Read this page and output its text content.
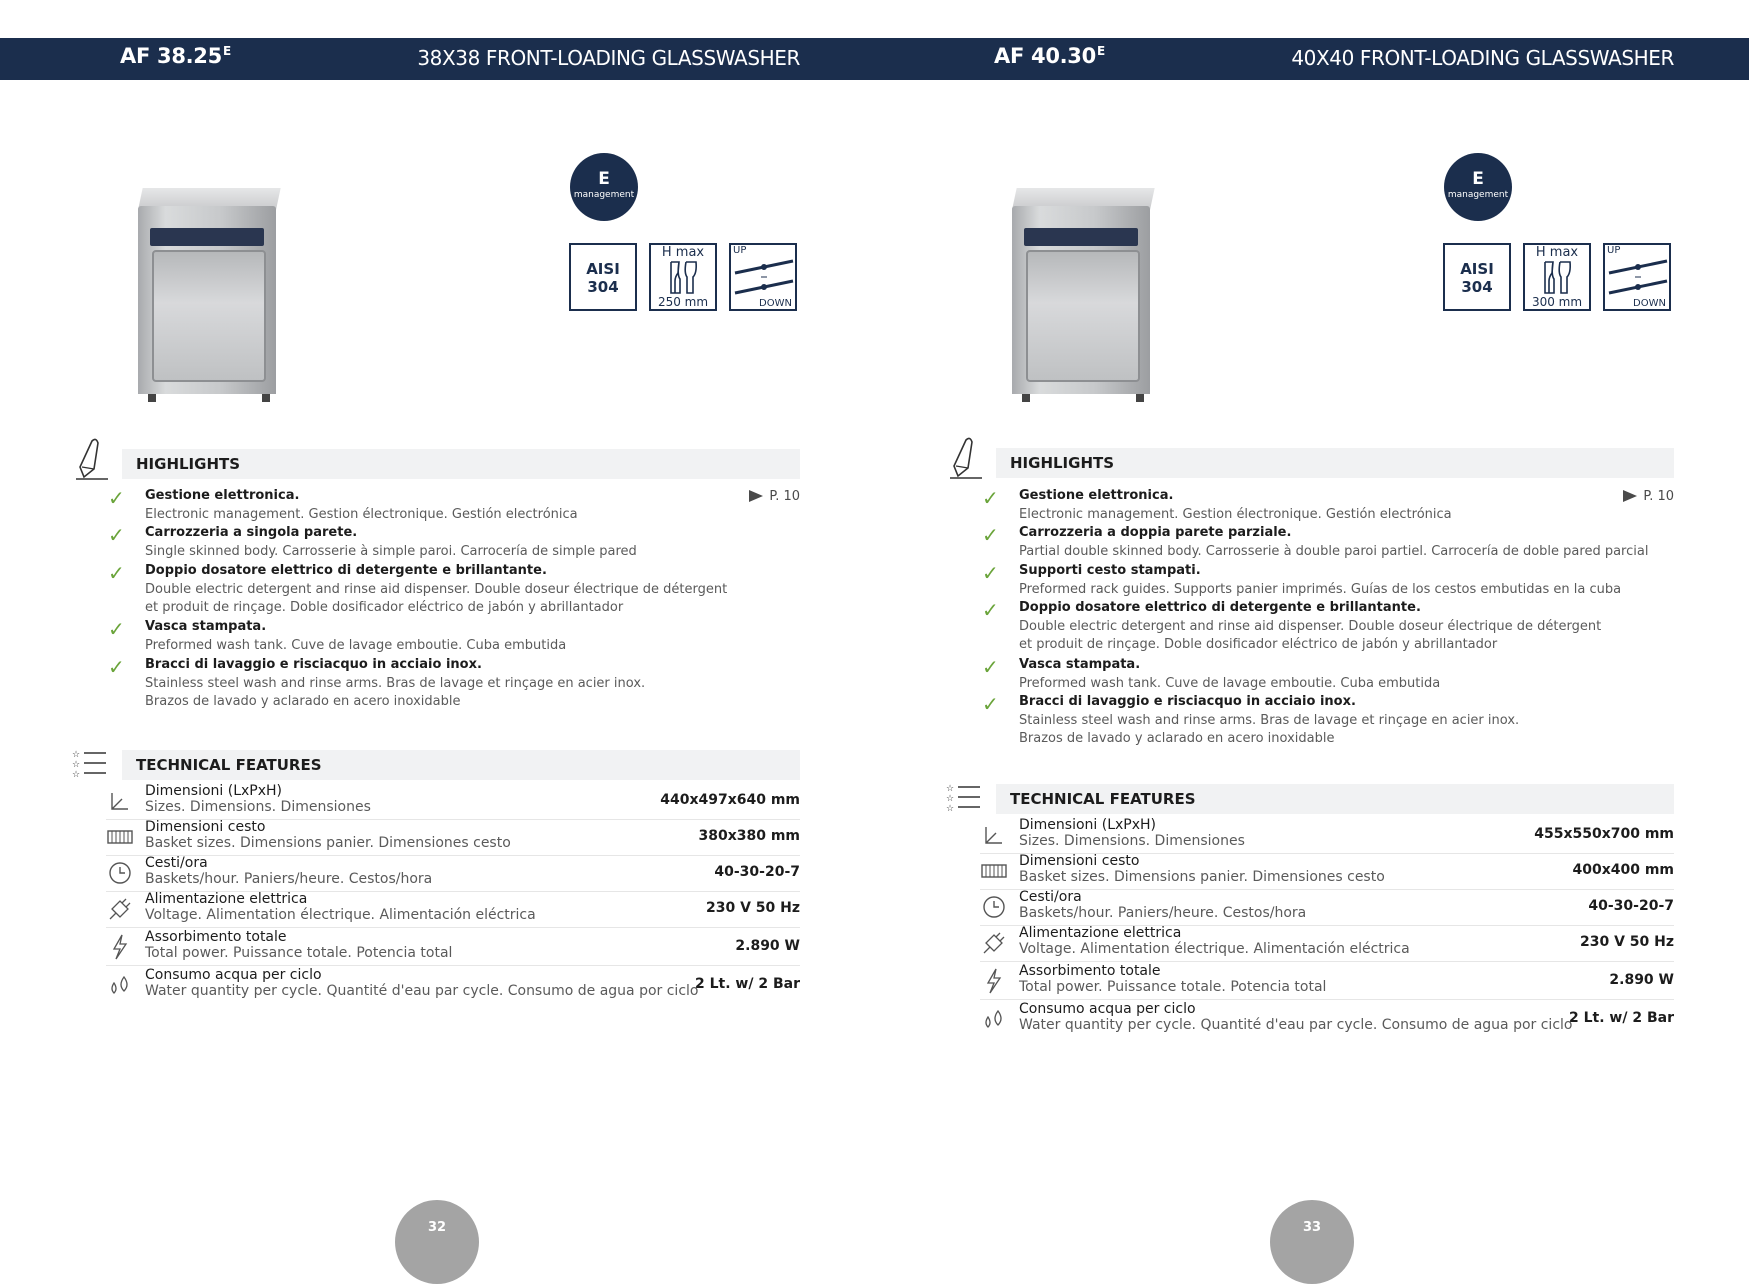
AF $38.25^E$	38X38 FRONT-LOADING GLASSWASHER
E
management
AISI
304
H max
250 mm
UP
DOWN
HIGHLIGHTS
P. 10
✓ Gestione elettronica.
Electronic management. Gestion électronique. Gestión electrónica
✓ Carrozzeria a singola parete.
Single skinned body. Carrosserie à simple paroi. Carrocería de simple pared
✓ Doppio dosatore elettrico di detergente e brillantante.
Double electric detergent and rinse aid dispenser. Double doseur électrique de détergent
et produit de rinçage. Doble dosificador eléctrico de jabón y abrillantador
✓ Vasca stampata.
Preformed wash tank. Cuve de lavage emboutie. Cuba embutida
✓ Bracci di lavaggio e risciacquo in acciaio inox.
Stainless steel wash and rinse arms. Bras de lavage et rinçage en acier inox.
Brazos de lavado y aclarado en acero inoxidable
☆
☆
☆
TECHNICAL FEATURES
Dimensioni (LxPxH)
Sizes. Dimensions. Dimensiones	440x497x640 mm
Dimensioni cesto
Basket sizes. Dimensions panier. Dimensiones cesto	380x380 mm
Cesti/ora
Baskets/hour. Paniers/heure. Cestos/hora	40-30-20-7
Alimentazione elettrica
Voltage. Alimentation électrique. Alimentación eléctrica	230 V 50 Hz
Assorbimento totale
Total power. Puissance totale. Potencia total	2.890 W
Consumo acqua per ciclo
Water quantity per cycle. Quantité d'eau par cycle. Consumo de agua por ciclo
2 Lt. w/ 2 Bar
32
AF $40.30^E$	40X40 FRONT-LOADING GLASSWASHER
E
management
AISI
304
H max
300 mm
UP
DOWN
HIGHLIGHTS
P. 10
✓ Gestione elettronica.
Electronic management. Gestion électronique. Gestión electrónica
✓ Carrozzeria a doppia parete parziale.
Partial double skinned body. Carrosserie à double paroi partiel. Carrocería de doble pared parcial
✓ Supporti cesto stampati.
Preformed rack guides. Supports panier imprimés. Guías de los cestos embutidas en la cuba
✓ Doppio dosatore elettrico di detergente e brillantante.
Double electric detergent and rinse aid dispenser. Double doseur électrique de détergent
et produit de rinçage. Doble dosificador eléctrico de jabón y abrillantador
✓ Vasca stampata.
Preformed wash tank. Cuve de lavage emboutie. Cuba embutida
✓ Bracci di lavaggio e risciacquo in acciaio inox.
Stainless steel wash and rinse arms. Bras de lavage et rinçage en acier inox.
Brazos de lavado y aclarado en acero inoxidable
☆
☆
☆
TECHNICAL FEATURES
Dimensioni (LxPxH)
Sizes. Dimensions. Dimensiones	455x550x700 mm
Dimensioni cesto
Basket sizes. Dimensions panier. Dimensiones cesto	400x400 mm
Cesti/ora
Baskets/hour. Paniers/heure. Cestos/hora	40-30-20-7
Alimentazione elettrica
Voltage. Alimentation électrique. Alimentación eléctrica	230 V 50 Hz
Assorbimento totale
Total power. Puissance totale. Potencia total	2.890 W
Consumo acqua per ciclo
Water quantity per cycle. Quantité d'eau par cycle. Consumo de agua por ciclo
2 Lt. w/ 2 Bar
33
